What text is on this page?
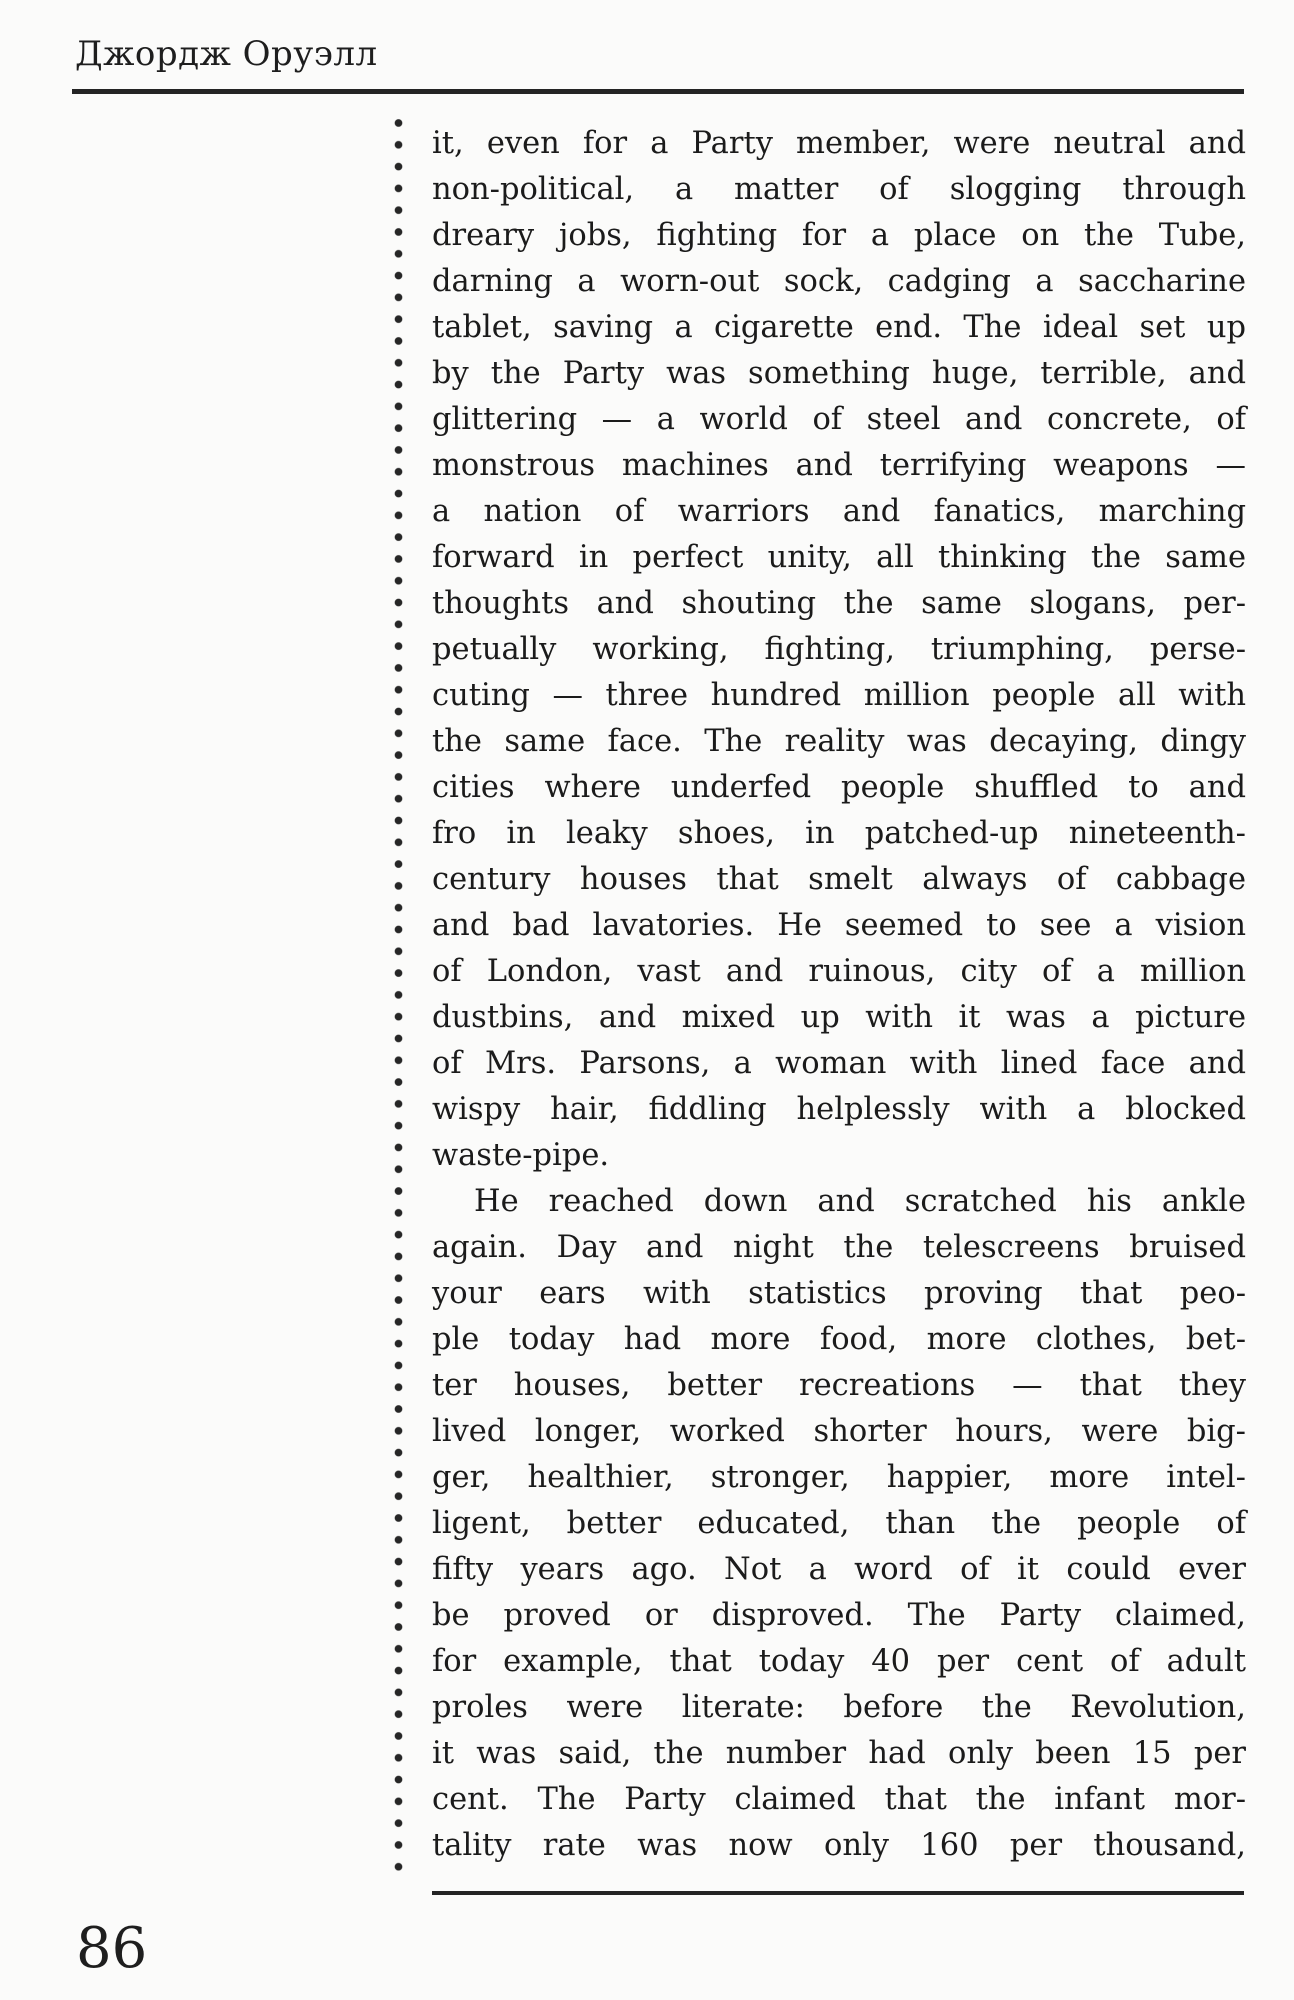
Джордж Оруэлл
it, even for a Party member, were neutral and
non-political, a matter of slogging through
dreary jobs, fighting for a place on the Tube,
darning a worn-out sock, cadging a saccharine
tablet, saving a cigarette end. The ideal set up
by the Party was something huge, terrible, and
glittering — a world of steel and concrete, of
monstrous machines and terrifying weapons —
a nation of warriors and fanatics, marching
forward in perfect unity, all thinking the same
thoughts and shouting the same slogans, per-
petually working, fighting, triumphing, perse-
cuting — three hundred million people all with
the same face. The reality was decaying, dingy
cities where underfed people shuffled to and
fro in leaky shoes, in patched-up nineteenth-
century houses that smelt always of cabbage
and bad lavatories. He seemed to see a vision
of London, vast and ruinous, city of a million
dustbins, and mixed up with it was a picture
of Mrs. Parsons, a woman with lined face and
wispy hair, fiddling helplessly with a blocked
waste-pipe.
He reached down and scratched his ankle
again. Day and night the telescreens bruised
your ears with statistics proving that peo-
ple today had more food, more clothes, bet-
ter houses, better recreations — that they
lived longer, worked shorter hours, were big-
ger, healthier, stronger, happier, more intel-
ligent, better educated, than the people of
fifty years ago. Not a word of it could ever
be proved or disproved. The Party claimed,
for example, that today 40 per cent of adult
proles were literate: before the Revolution,
it was said, the number had only been 15 per
cent. The Party claimed that the infant mor-
tality rate was now only 160 per thousand,
86
